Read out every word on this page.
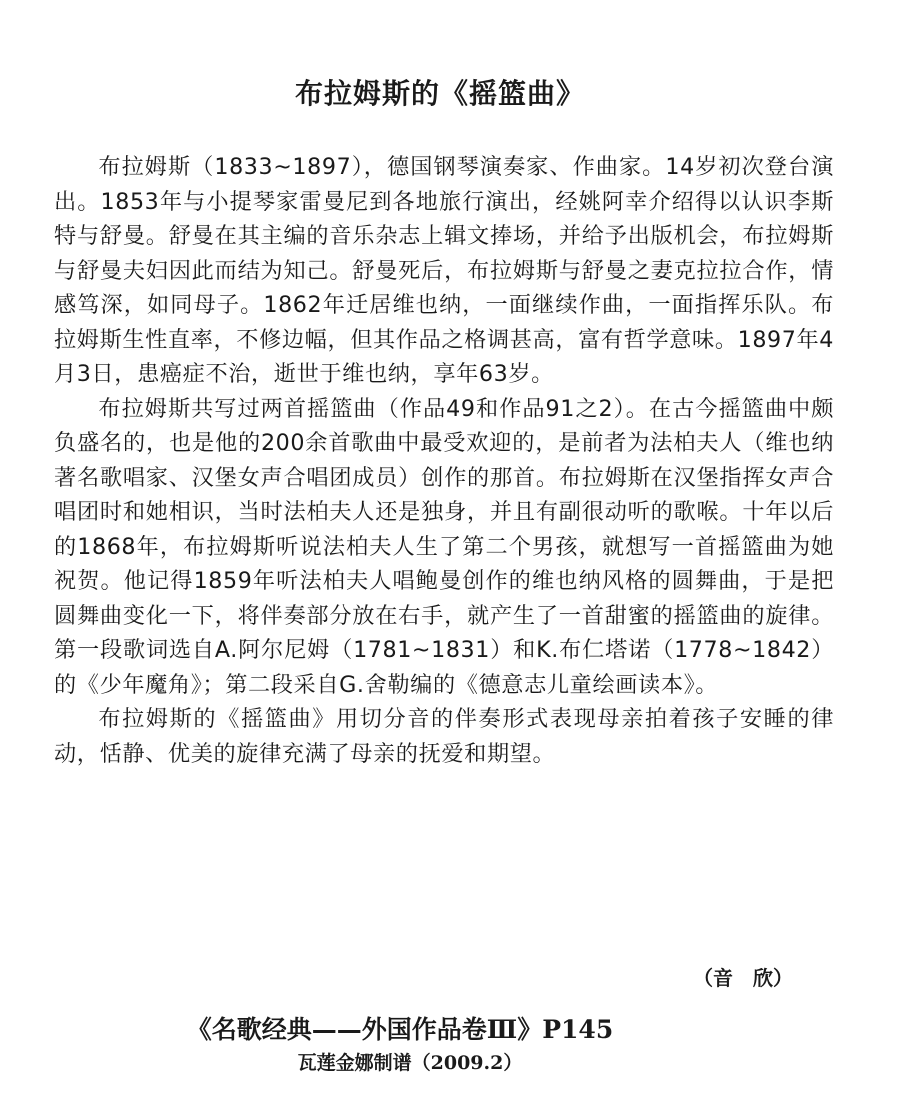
布拉姆斯的《摇篮曲》

布拉姆斯（1833~1897），德国钢琴演奏家、作曲家。14岁初次登台演出。1853年与小提琴家雷曼尼到各地旅行演出，经姚阿幸介绍得以认识李斯特与舒曼。舒曼在其主编的音乐杂志上辑文捧场，并给予出版机会，布拉姆斯与舒曼夫妇因此而结为知己。舒曼死后，布拉姆斯与舒曼之妻克拉拉合作，情感笃深，如同母子。1862年迁居维也纳，一面继续作曲，一面指挥乐队。布拉姆斯生性直率，不修边幅，但其作品之格调甚高，富有哲学意味。1897年4月3日，患癌症不治，逝世于维也纳，享年63岁。

布拉姆斯共写过两首摇篮曲（作品49和作品91之2）。在古今摇篮曲中颇负盛名的，也是他的200余首歌曲中最受欢迎的，是前者为法柏夫人（维也纳著名歌唱家、汉堡女声合唱团成员）创作的那首。布拉姆斯在汉堡指挥女声合唱团时和她相识，当时法柏夫人还是独身，并且有副很动听的歌喉。十年以后的1868年，布拉姆斯听说法柏夫人生了第二个男孩，就想写一首摇篮曲为她祝贺。他记得1859年听法柏夫人唱鲍曼创作的维也纳风格的圆舞曲，于是把圆舞曲变化一下，将伴奏部分放在右手，就产生了一首甜蜜的摇篮曲的旋律。第一段歌词选自A.阿尔尼姆（1781~1831）和K.布仁塔诺（1778~1842）的《少年魔角》；第二段采自G.舍勒编的《德意志儿童绘画读本》。

布拉姆斯的《摇篮曲》用切分音的伴奏形式表现母亲拍着孩子安睡的律动，恬静、优美的旋律充满了母亲的抚爱和期望。

（音　欣）
《名歌经典——外国作品卷Ⅲ》P145
瓦莲金娜制谱（2009.2）
